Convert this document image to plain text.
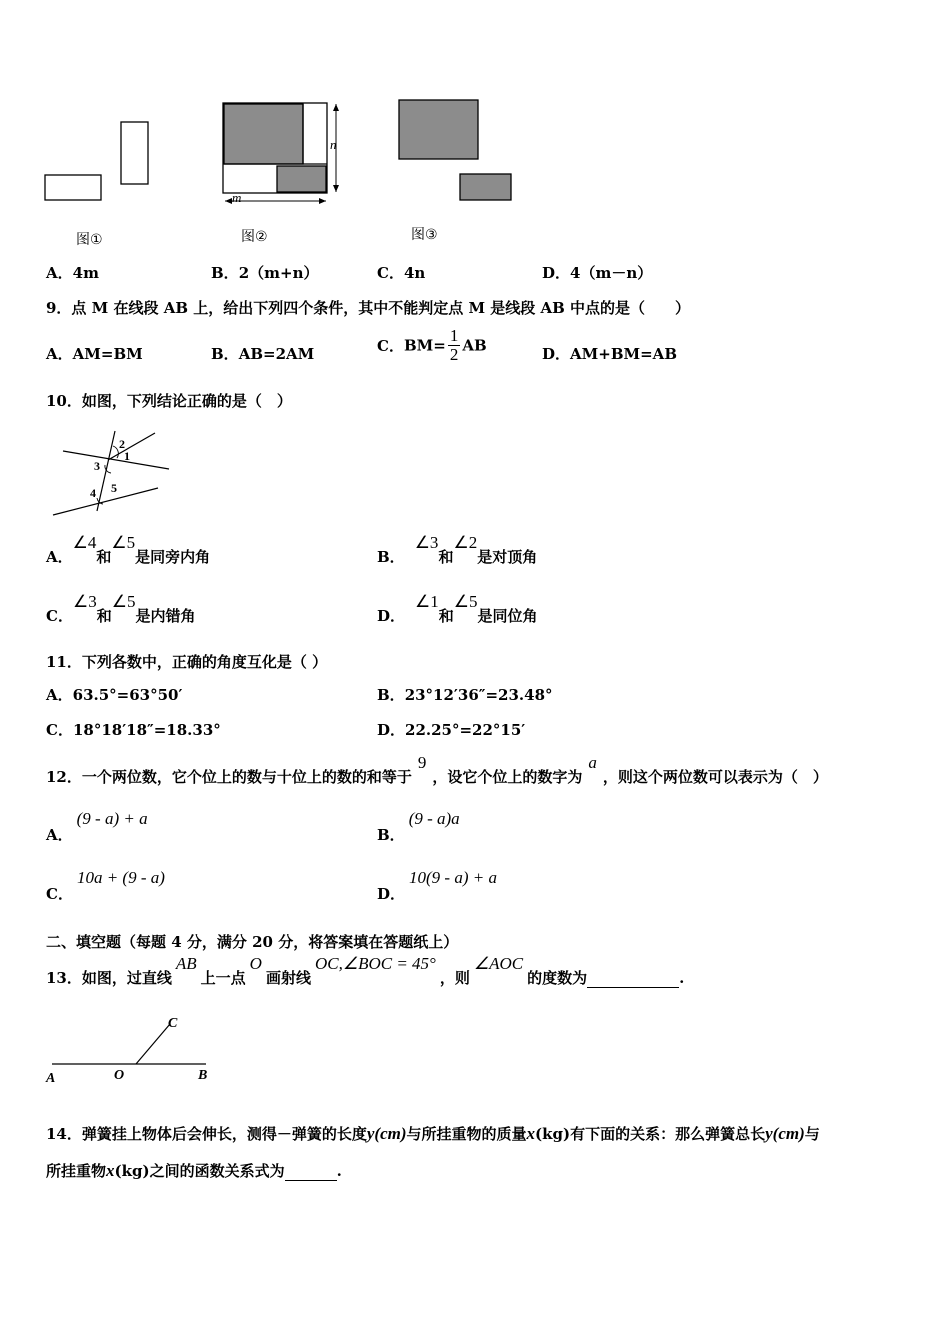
m
n
图①	图②	图③
A．4m	B．2（m+n）	C．4n	D．4（m－n）
9．点 M 在线段 AB 上，给出下列四个条件，其中不能判定点 M 是线段 AB 中点的是（　　）
A．AM=BM	B．AB=2AM	C．$BM= \frac{1}{2}$ AB	D．AM+BM=AB
10．如图，下列结论正确的是（　）
2
1
3
4 5
A．∠4和∠5是同旁内角	B．∠3和∠2是对顶角
C．∠3和∠5是内错角	D．∠1和∠5是同位角
11．下列各数中，正确的角度互化是（ ）
A．63.5°=63°50′	B．23°12′36″=23.48°
C．18°18′18″=18.33°	D．22.25°=22°15′
12．一个两位数，它个位上的数与十位上的数的和等于9，设它个位上的数字为a，则这个两位数可以表示为（　）
A．(9 - a) + a
B．(9 - a)a
C．10a + (9 - a)
D．10(9 - a) + a
二、填空题（每题 4 分，满分 20 分，将答案填在答题纸上）
13．如图，过直线AB上一点O画射线OC,∠BOC = 45°，则∠AOC的度数为	.
A	O	B
C
14．弹簧挂上物体后会伸长，测得－弹簧的长度y(cm)与所挂重物的质量x(kg)有下面的关系：那么弹簧总长y(cm)与
所挂重物x(kg)之间的函数关系式为	.
